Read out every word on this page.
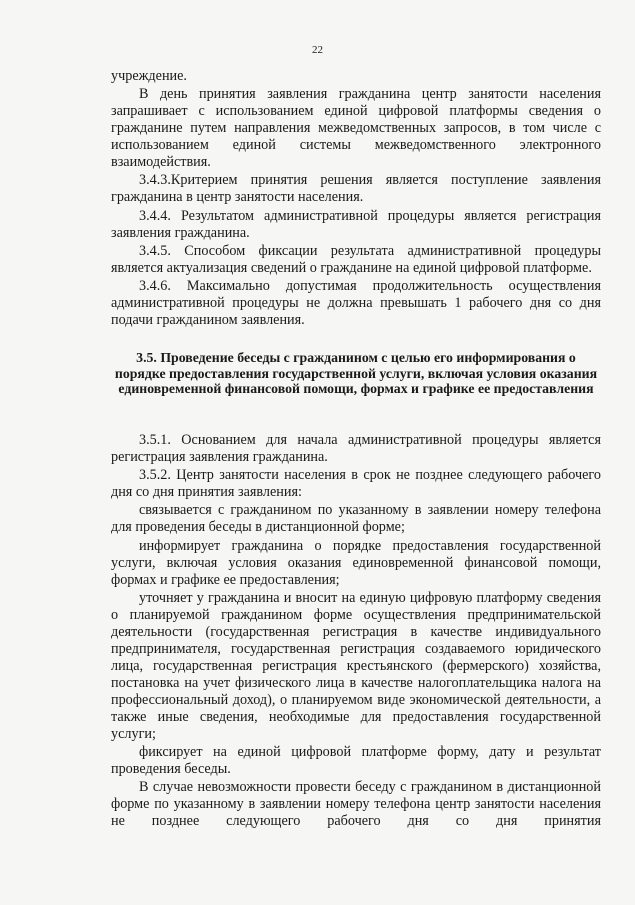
22

учреждение.

В день принятия заявления гражданина центр занятости населения запрашивает с использованием единой цифровой платформы сведения о гражданине путем направления межведомственных запросов, в том числе с использованием единой системы межведомственного электронного взаимодействия.

3.4.3.Критерием принятия решения является поступление заявления гражданина в центр занятости населения.

3.4.4. Результатом административной процедуры является регистрация заявления гражданина.

3.4.5. Способом фиксации результата административной процедуры является актуализация сведений о гражданине на единой цифровой платформе.

3.4.6. Максимально допустимая продолжительность осуществления административной процедуры не должна превышать 1 рабочего дня со дня подачи гражданином заявления.

3.5. Проведение беседы с гражданином с целью его информирования о порядке предоставления государственной услуги, включая условия оказания единовременной финансовой помощи, формах и графике ее предоставления

3.5.1. Основанием для начала административной процедуры является регистрация заявления гражданина.

3.5.2. Центр занятости населения в срок не позднее следующего рабочего дня со дня принятия заявления:

связывается с гражданином по указанному в заявлении номеру телефона для проведения беседы в дистанционной форме;

информирует гражданина о порядке предоставления государственной услуги, включая условия оказания единовременной финансовой помощи, формах и графике ее предоставления;

уточняет у гражданина и вносит на единую цифровую платформу сведения о планируемой гражданином форме осуществления предпринимательской деятельности (государственная регистрация в качестве индивидуального предпринимателя, государственная регистрация создаваемого юридического лица, государственная регистрация крестьянского (фермерского) хозяйства, постановка на учет физического лица в качестве налогоплательщика налога на профессиональный доход), о планируемом виде экономической деятельности, а также иные сведения, необходимые для предоставления государственной услуги;

фиксирует на единой цифровой платформе форму, дату и результат проведения беседы.

В случае невозможности провести беседу с гражданином в дистанционной форме по указанному в заявлении номеру телефона центр занятости населения не позднее следующего рабочего дня со дня принятия
